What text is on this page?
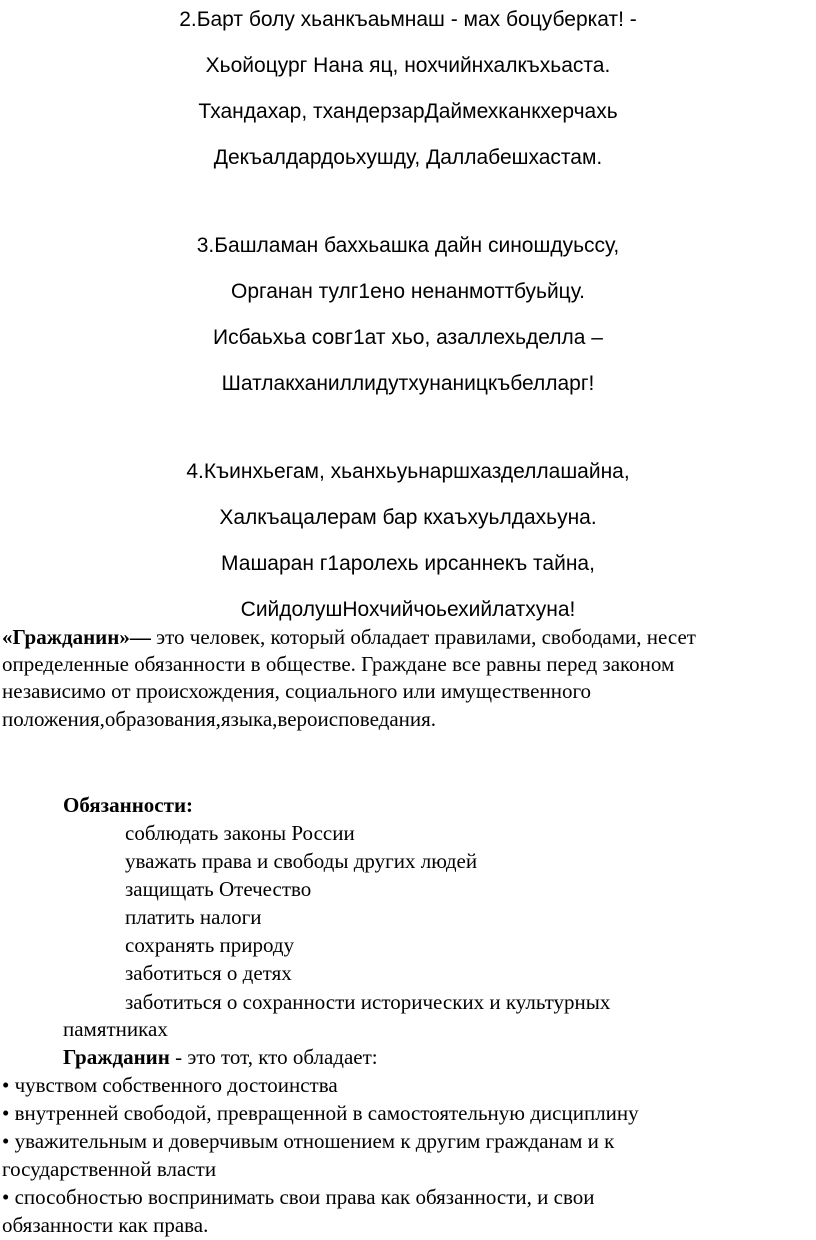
2.Барт болу хьанкъаьмнаш - мах боцуберкат! -
Хьойоцург Нана яц, нохчийнхалкъхьаста.
Тхандахар, тхандерзарДаймехканкхерчахь
Декъалдардоьхушду, Даллабешхастам.
3.Башламан баххьашка дайн синошдуьссу,
Органан тулг1ено ненанмоттбуьйцу.
Исбаьхьа совг1ат хьо, азаллехьделла –
Шатлакханиллидутхунаницкъбелларг!
4.Къинхьегам, хьанхьуьнаршхазделлашайна,
Халкъацалерам бар кхаъхуьлдахьуна.
Машаран г1аролехь ирсаннекъ тайна,
СийдолушНохчийчоьехийлатхуна!
«Гражданин»— это человек, который обладает правилами, свободами, несет
определенные обязанности в обществе. Граждане все равны перед законом
независимо от происхождения, социального или имущественного
положения,образования,языка,вероисповедания.
Обязанности:
соблюдать законы России
уважать права и свободы других людей
защищать Отечество
платить налоги
сохранять природу
заботиться о детях
заботиться о сохранности исторических и культурных
памятниках
Гражданин - это тот, кто обладает:
• чувством собственного достоинства
• внутренней свободой, превращенной в самостоятельную дисциплину
• уважительным и доверчивым отношением к другим гражданам и к
государственной власти
• способностью воспринимать свои права как обязанности, и свои
обязанности как права.
